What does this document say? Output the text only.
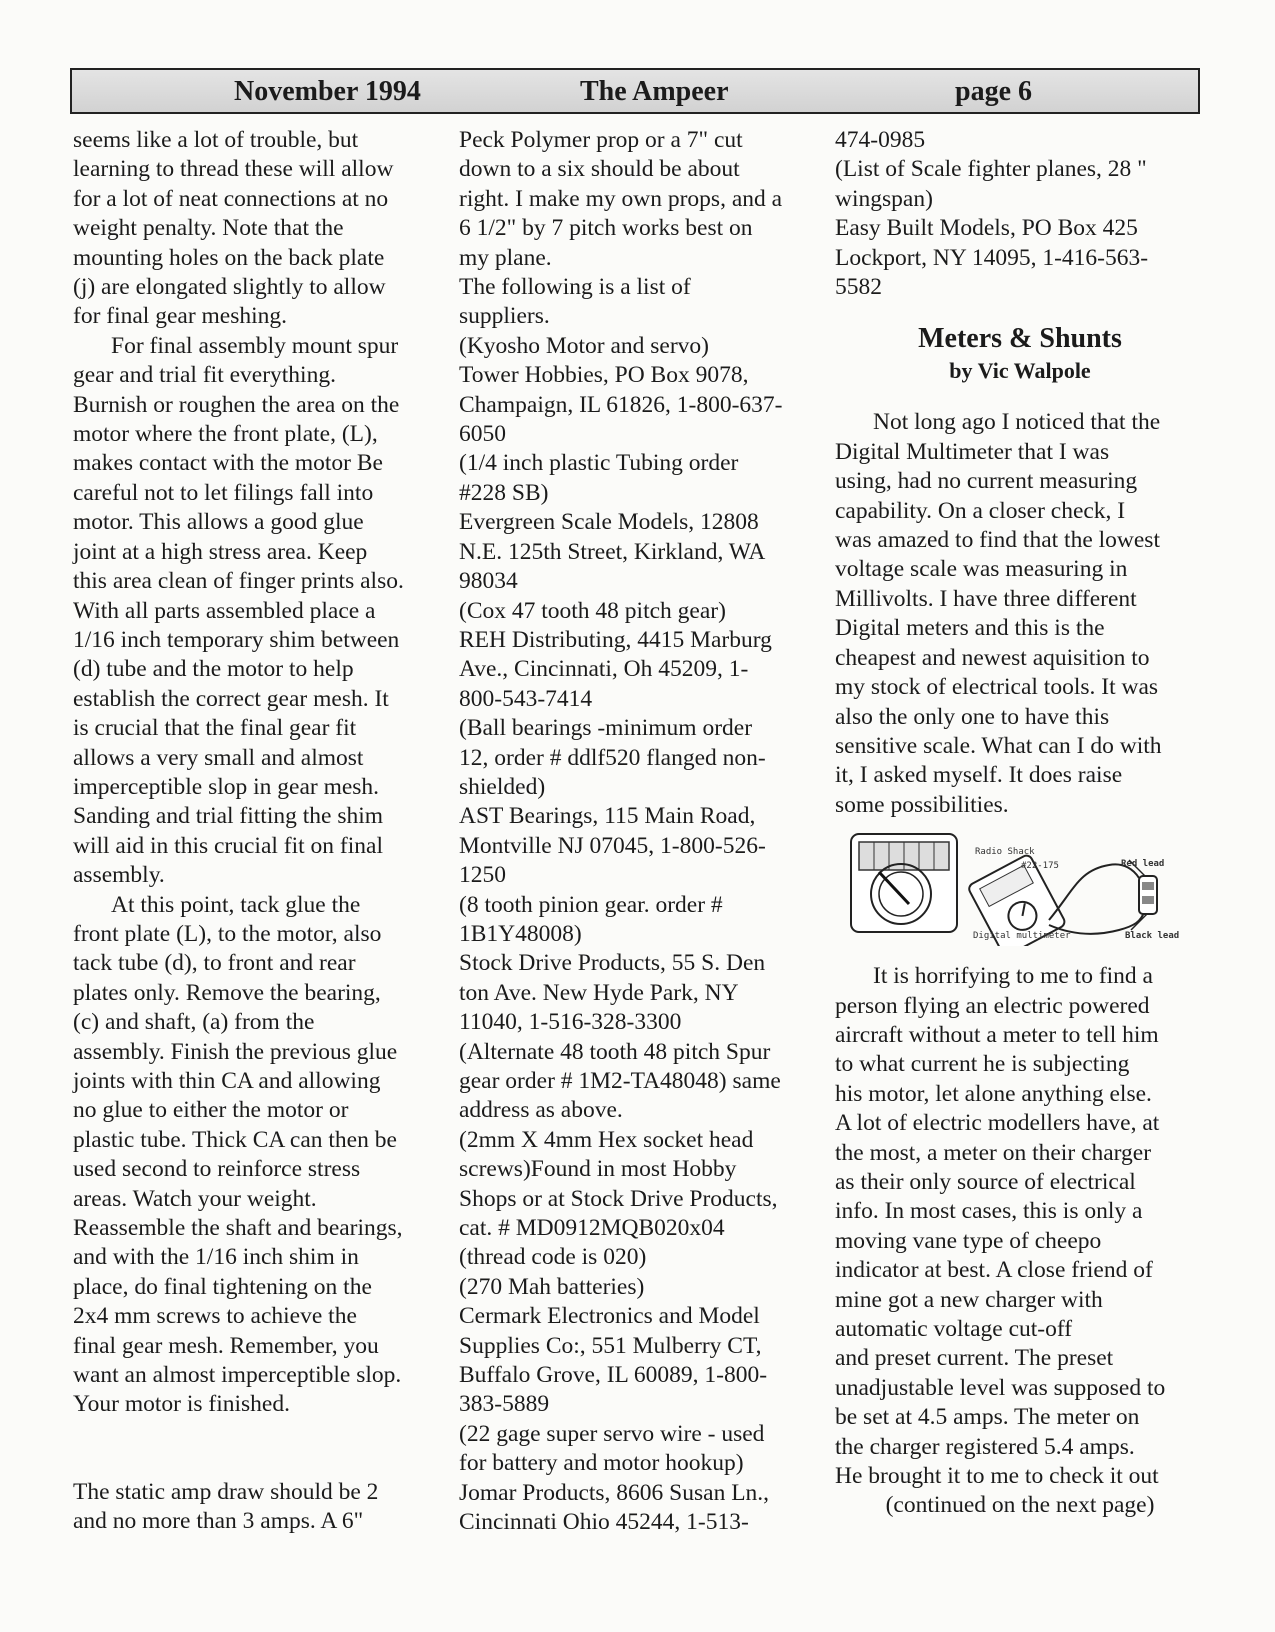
November 1994	The Ampeer	page 6

seems like a lot of trouble, but

learning to thread these will allow

for a lot of neat connections at no

weight penalty. Note that the

mounting holes on the back plate

(j) are elongated slightly to allow

for final gear meshing.

For final assembly mount spur

gear and trial fit everything.

Burnish or roughen the area on the

motor where the front plate, (L),

makes contact with the motor Be

careful not to let filings fall into

motor. This allows a good glue

joint at a high stress area. Keep

this area clean of finger prints also.

With all parts assembled place a

1/16 inch temporary shim between

(d) tube and the motor to help

establish the correct gear mesh. It

is crucial that the final gear fit

allows a very small and almost

imperceptible slop in gear mesh.

Sanding and trial fitting the shim

will aid in this crucial fit on final

assembly.

At this point, tack glue the

front plate (L), to the motor, also

tack tube (d), to front and rear

plates only. Remove the bearing,

(c) and shaft, (a) from the

assembly. Finish the previous glue

joints with thin CA and allowing

no glue to either the motor or

plastic tube. Thick CA can then be

used second to reinforce stress

areas. Watch your weight.

Reassemble the shaft and bearings,

and with the 1/16 inch shim in

place, do final tightening on the

2x4 mm screws to achieve the

final gear mesh. Remember, you

want an almost imperceptible slop.

Your motor is finished.

The static amp draw should be 2

and no more than 3 amps. A 6"

Peck Polymer prop or a 7" cut

down to a six should be about

right. I make my own props, and a

6 1/2" by 7 pitch works best on

my plane.

The following is a list of

suppliers.

(Kyosho Motor and servo)

Tower Hobbies, PO Box 9078,

Champaign, IL 61826, 1-800-637-

6050

(1/4 inch plastic Tubing order

#228 SB)

Evergreen Scale Models, 12808

N.E. 125th Street, Kirkland, WA

98034

(Cox 47 tooth 48 pitch gear)

REH Distributing, 4415 Marburg

Ave., Cincinnati, Oh 45209, 1-

800-543-7414

(Ball bearings -minimum order

12, order # ddlf520 flanged non-

shielded)

AST Bearings, 115 Main Road,

Montville NJ 07045, 1-800-526-

1250

(8 tooth pinion gear. order #

1B1Y48008)

Stock Drive Products, 55 S. Den

ton Ave. New Hyde Park, NY

11040, 1-516-328-3300

(Alternate 48 tooth 48 pitch Spur

gear order # 1M2-TA48048) same

address as above.

(2mm X 4mm Hex socket head

screws)Found in most Hobby

Shops or at Stock Drive Products,

cat. # MD0912MQB020x04

(thread code is 020)

(270 Mah batteries)

Cermark Electronics and Model

Supplies Co:, 551 Mulberry CT,

Buffalo Grove, IL 60089, 1-800-

383-5889

(22 gage super servo wire - used

for battery and motor hookup)

Jomar Products, 8606 Susan Ln.,

Cincinnati Ohio 45244, 1-513-

474-0985

(List of Scale fighter planes, 28 "

wingspan)

Easy Built Models, PO Box 425

Lockport, NY 14095, 1-416-563-

5582

Meters & Shunts
by Vic Walpole

Not long ago I noticed that the

Digital Multimeter that I was

using, had no current measuring

capability. On a closer check, I

was amazed to find that the lowest

voltage scale was measuring in

Millivolts. I have three different

Digital meters and this is the

cheapest and newest aquisition to

my stock of electrical tools. It was

also the only one to have this

sensitive scale. What can I do with

it, I asked myself. It does raise

some possibilities.

Radio Shack
#22-175	Red lead
Digital multimeter	Black lead

It is horrifying to me to find a

person flying an electric powered

aircraft without a meter to tell him

to what current he is subjecting

his motor, let alone anything else.

A lot of electric modellers have, at

the most, a meter on their charger

as their only source of electrical

info. In most cases, this is only a

moving vane type of cheepo

indicator at best. A close friend of

mine got a new charger with

automatic voltage cut-off

and preset current. The preset

unadjustable level was supposed to

be set at 4.5 amps. The meter on

the charger registered 5.4 amps.

He brought it to me to check it out

(continued on the next page)
